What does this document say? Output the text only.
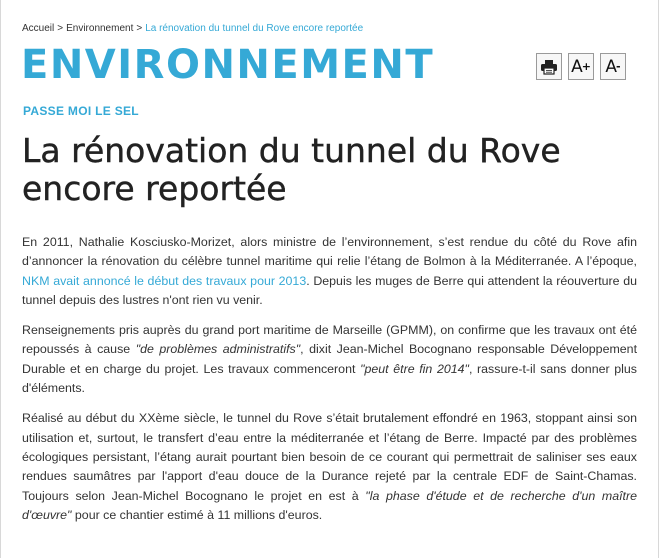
Accueil > Environnement > La rénovation du tunnel du Rove encore reportée
ENVIRONNEMENT	A + A -
PASSE MOI LE SEL
La rénovation du tunnel du Rove encore reportée

En 2011, Nathalie Kosciusko-Morizet, alors ministre de l’environnement, s’est rendue du côté du Rove afin d’annoncer la rénovation du célèbre tunnel maritime qui relie l’étang de Bolmon à la Méditerranée. A l’époque, NKM avait annoncé le début des travaux pour 2013. Depuis les muges de Berre qui attendent la réouverture du tunnel depuis des lustres n'ont rien vu venir.

Renseignements pris auprès du grand port maritime de Marseille (GPMM), on confirme que les travaux ont été repoussés à cause "de problèmes administratifs", dixit Jean-Michel Bocognano responsable Développement Durable et en charge du projet. Les travaux commenceront "peut être fin 2014", rassure-t-il sans donner plus d'éléments.

Réalisé au début du XXème siècle, le tunnel du Rove s’était brutalement effondré en 1963, stoppant ainsi son utilisation et, surtout, le transfert d’eau entre la méditerranée et l’étang de Berre. Impacté par des problèmes écologiques persistant, l’étang aurait pourtant bien besoin de ce courant qui permettrait de saliniser ses eaux rendues saumâtres par l'apport d'eau douce de la Durance rejeté par la centrale EDF de Saint-Chamas. Toujours selon Jean-Michel Bocognano le projet en est à "la phase d'étude et de recherche d'un maître d'œuvre" pour ce chantier estimé à 11 millions d'euros.
